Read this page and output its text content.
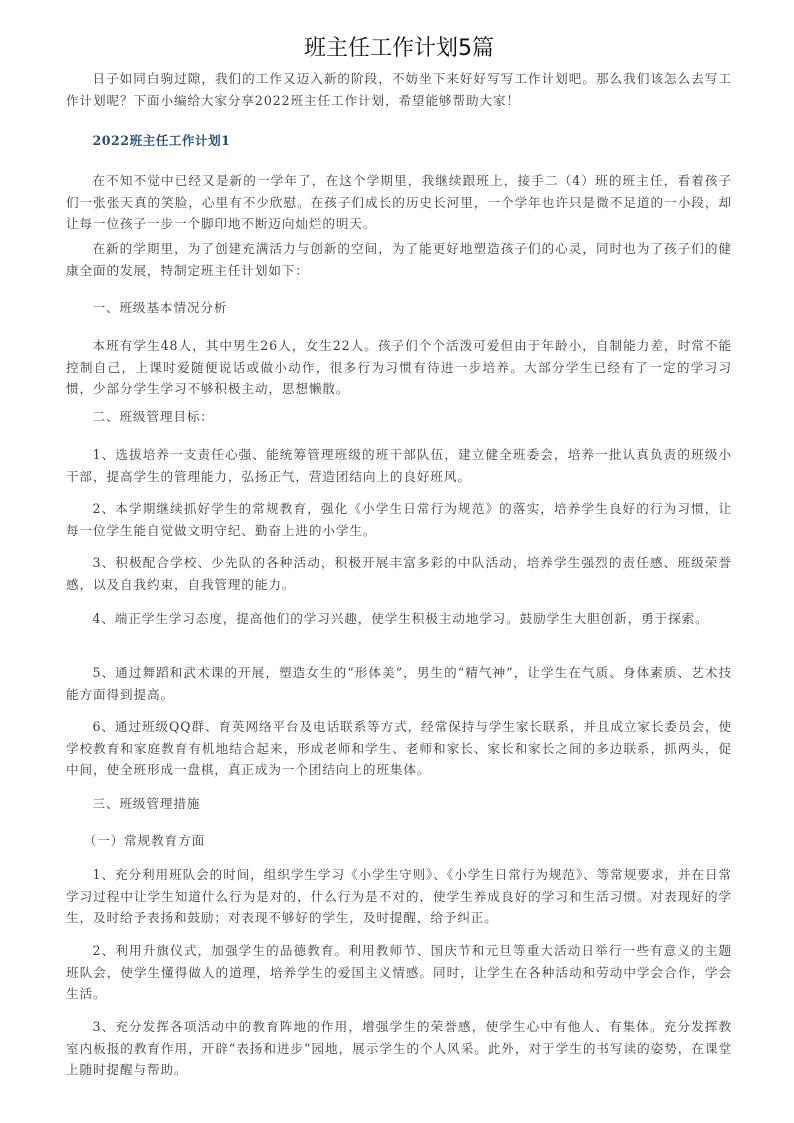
班主任工作计划5篇

日子如同白驹过隙，我们的工作又迈入新的阶段，不妨坐下来好好写写工作计划吧。那么我们该怎么去写工作计划呢？下面小编给大家分享2022班主任工作计划，希望能够帮助大家！

2022班主任工作计划1

在不知不觉中已经又是新的一学年了，在这个学期里，我继续跟班上，接手二（4）班的班主任，看着孩子们一张张天真的笑脸，心里有不少欣慰。在孩子们成长的历史长河里，一个学年也许只是微不足道的一小段，却让每一位孩子一步一个脚印地不断迈向灿烂的明天。

在新的学期里，为了创建充满活力与创新的空间，为了能更好地塑造孩子们的心灵，同时也为了孩子们的健康全面的发展，特制定班主任计划如下：

一、班级基本情况分析

本班有学生48人，其中男生26人，女生22人。孩子们个个活泼可爱但由于年龄小，自制能力差，时常不能控制自己，上课时爱随便说话或做小动作，很多行为习惯有待进一步培养。大部分学生已经有了一定的学习习惯，少部分学生学习不够积极主动，思想懒散。

二、班级管理目标：

1、选拔培养一支责任心强、能统筹管理班级的班干部队伍，建立健全班委会，培养一批认真负责的班级小干部，提高学生的管理能力，弘扬正气，营造团结向上的良好班风。

2、本学期继续抓好学生的常规教育，强化《小学生日常行为规范》的落实，培养学生良好的行为习惯，让每一位学生能自觉做文明守纪、勤奋上进的小学生。

3、积极配合学校、少先队的各种活动，积极开展丰富多彩的中队活动，培养学生强烈的责任感、班级荣誉感，以及自我约束，自我管理的能力。

4、端正学生学习态度，提高他们的学习兴趣，使学生积极主动地学习。鼓励学生大胆创新，勇于探索。

5、通过舞蹈和武术课的开展，塑造女生的“形体美”，男生的“精气神”，让学生在气质、身体素质、艺术技能方面得到提高。

6、通过班级QQ群、育英网络平台及电话联系等方式，经常保持与学生家长联系，并且成立家长委员会，使学校教育和家庭教育有机地结合起来，形成老师和学生、老师和家长、家长和家长之间的多边联系，抓两头，促中间，使全班形成一盘棋，真正成为一个团结向上的班集体。

三、班级管理措施

（一）常规教育方面

1、充分利用班队会的时间，组织学生学习《小学生守则》、《小学生日常行为规范》、等常规要求，并在日常学习过程中让学生知道什么行为是对的，什么行为是不对的，使学生养成良好的学习和生活习惯。对表现好的学生，及时给予表扬和鼓励；对表现不够好的学生，及时提醒，给予纠正。

2、利用升旗仪式，加强学生的品德教育。利用教师节、国庆节和元旦等重大活动日举行一些有意义的主题班队会，使学生懂得做人的道理，培养学生的爱国主义情感。同时，让学生在各种活动和劳动中学会合作，学会生活。

3、充分发挥各项活动中的教育阵地的作用，增强学生的荣誉感，使学生心中有他人、有集体。充分发挥教室内板报的教育作用，开辟“表扬和进步”园地，展示学生的个人风采。此外，对于学生的书写读的姿势，在课堂上随时提醒与帮助。
